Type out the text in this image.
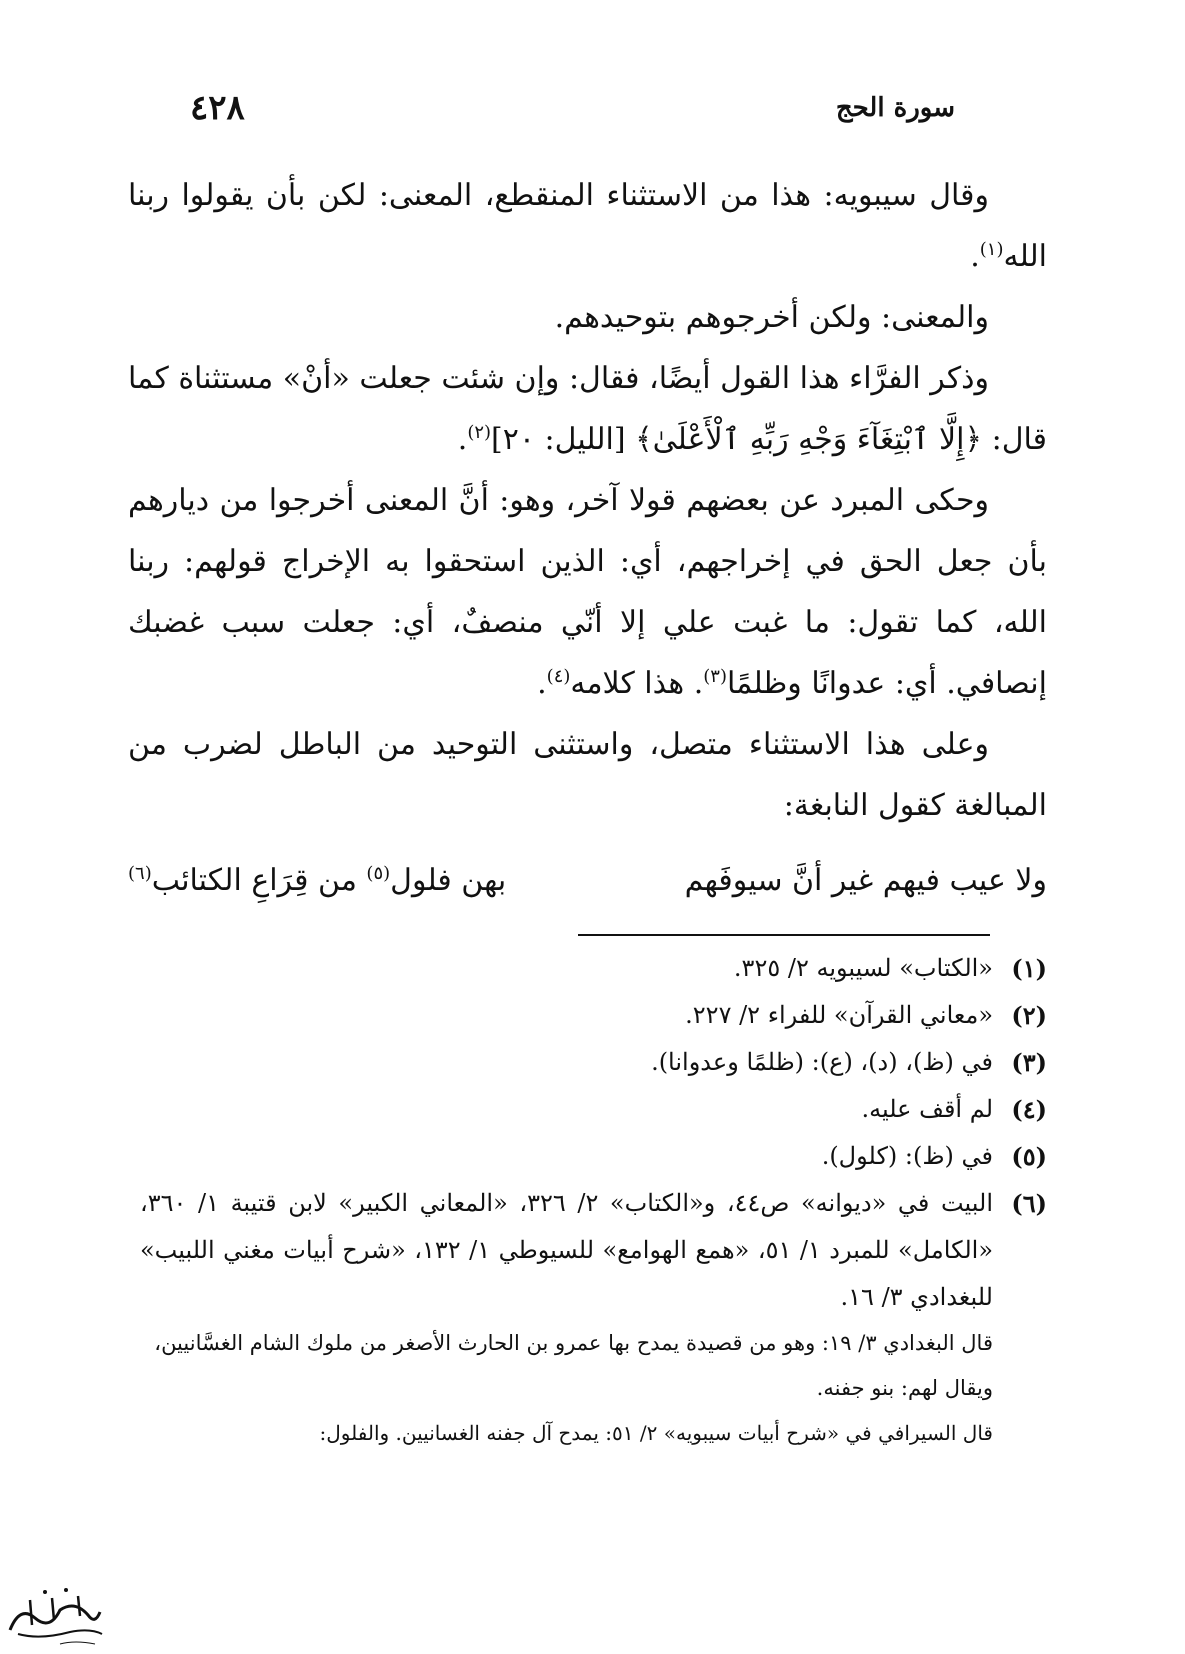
سورة الحج
٤٢٨

وقال سيبويه: هذا من الاستثناء المنقطع، المعنى: لكن بأن يقولوا ربنا الله$^{(١)}$.

والمعنى: ولكن أخرجوهم بتوحيدهم.

وذكر الفرَّاء هذا القول أيضًا، فقال: وإن شئت جعلت «أنْ» مستثناة كما قال: ﴿إِلَّا ٱبْتِغَآءَ وَجْهِ رَبِّهِ ٱلْأَعْلَىٰ﴾ [الليل: ٢٠]$^{(٢)}$.

وحكى المبرد عن بعضهم قولا آخر، وهو: أنَّ المعنى أخرجوا من ديارهم بأن جعل الحق في إخراجهم، أي: الذين استحقوا به الإخراج قولهم: ربنا الله، كما تقول: ما غبت علي إلا أنّي منصفٌ، أي: جعلت سبب غضبك إنصافي. أي: عدوانًا وظلمًا$^{(٣)}$. هذا كلامه$^{(٤)}$.

وعلى هذا الاستثناء متصل، واستثنى التوحيد من الباطل لضرب من المبالغة كقول النابغة:

ولا عيب فيهم غير أنَّ سيوفَهم
بهن فلول$^{(٥)}$ من قِرَاعِ الكتائب$^{(٦)}$
(١)
«الكتاب» لسيبويه ٢/ ٣٢٥.
(٢)
«معاني القرآن» للفراء ٢/ ٢٢٧.
(٣)
في (ظ)، (د)، (ع): (ظلمًا وعدوانا).
(٤)
لم أقف عليه.
(٥)
في (ظ): (كلول).
(٦)
البيت في «ديوانه» ص٤٤، و«الكتاب» ٢/ ٣٢٦، «المعاني الكبير» لابن قتيبة ١/ ٣٦٠، «الكامل» للمبرد ١/ ٥١، «همع الهوامع» للسيوطي ١/ ١٣٢، «شرح أبيات مغني اللبيب» للبغدادي ٣/ ١٦.
قال البغدادي ٣/ ١٩: وهو من قصيدة يمدح بها عمرو بن الحارث الأصغر من ملوك الشام الغسَّانيين، ويقال لهم: بنو جفنه.
قال السيرافي في «شرح أبيات سيبويه» ٢/ ٥١: يمدح آل جفنه الغسانيين. والفلول:
